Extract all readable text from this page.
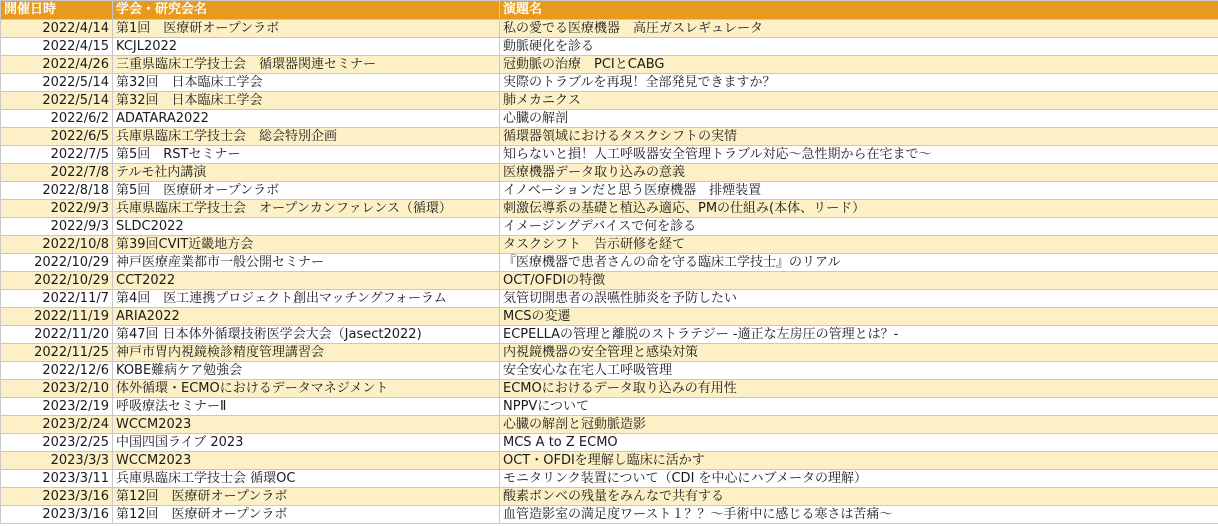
開催日時	学会・研究会名	演題名
2022/4/14	第1回　医療研オープンラボ	私の愛でる医療機器　高圧ガスレギュレータ
2022/4/15	KCJL2022	動脈硬化を診る
2022/4/26	三重県臨床工学技士会　循環器関連セミナー	冠動脈の治療　PCIとCABG
2022/5/14	第32回　日本臨床工学会	実際のトラブルを再現！全部発見できますか？
2022/5/14	第32回　日本臨床工学会	肺メカニクス
2022/6/2	ADATARA2022	心臓の解剖
2022/6/5	兵庫県臨床工学技士会　総会特別企画	循環器領域におけるタスクシフトの実情
2022/7/5	第5回　RSTセミナー	知らないと損！人工呼吸器安全管理トラブル対応～急性期から在宅まで～
2022/7/8	テルモ社内講演	医療機器データ取り込みの意義
2022/8/18	第5回　医療研オープンラボ	イノベーションだと思う医療機器　排煙装置
2022/9/3	兵庫県臨床工学技士会　オープンカンファレンス（循環）	刺激伝導系の基礎と植込み適応、PMの仕組み(本体、リード）
2022/9/3	SLDC2022	イメージングデバイスで何を診る
2022/10/8	第39回CVIT近畿地方会	タスクシフト　告示研修を経て
2022/10/29	神戸医療産業都市一般公開セミナー	『医療機器で患者さんの命を守る臨床工学技士』のリアル
2022/10/29	CCT2022	OCT/OFDIの特徴
2022/11/7	第4回　医工連携プロジェクト創出マッチングフォーラム	気管切開患者の誤嚥性肺炎を予防したい
2022/11/19	ARIA2022	MCSの変遷
2022/11/20	第47回 日本体外循環技術医学会大会（Jasect2022)	ECPELLAの管理と離脱のストラテジー -適正な左房圧の管理とは？-
2022/11/25	神戸市胃内視鏡検診精度管理講習会	内視鏡機器の安全管理と感染対策
2022/12/6	KOBE難病ケア勉強会	安全安心な在宅人工呼吸管理
2023/2/10	体外循環・ECMOにおけるデータマネジメント	ECMOにおけるデータ取り込みの有用性
2023/2/19	呼吸療法セミナーⅡ	NPPVについて
2023/2/24	WCCM2023	心臓の解剖と冠動脈造影
2023/2/25	中国四国ライブ 2023	MCS A to Z ECMO
2023/3/3	WCCM2023	OCT・OFDIを理解し臨床に活かす
2023/3/11	兵庫県臨床工学技士会 循環OC	モニタリンク装置について（CDI を中心にハブメータの理解）
2023/3/16	第12回　医療研オープンラボ	酸素ボンベの残量をみんなで共有する
2023/3/16	第12回　医療研オープンラボ	血管造影室の満足度ワースト１？？～手術中に感じる寒さは苦痛～
